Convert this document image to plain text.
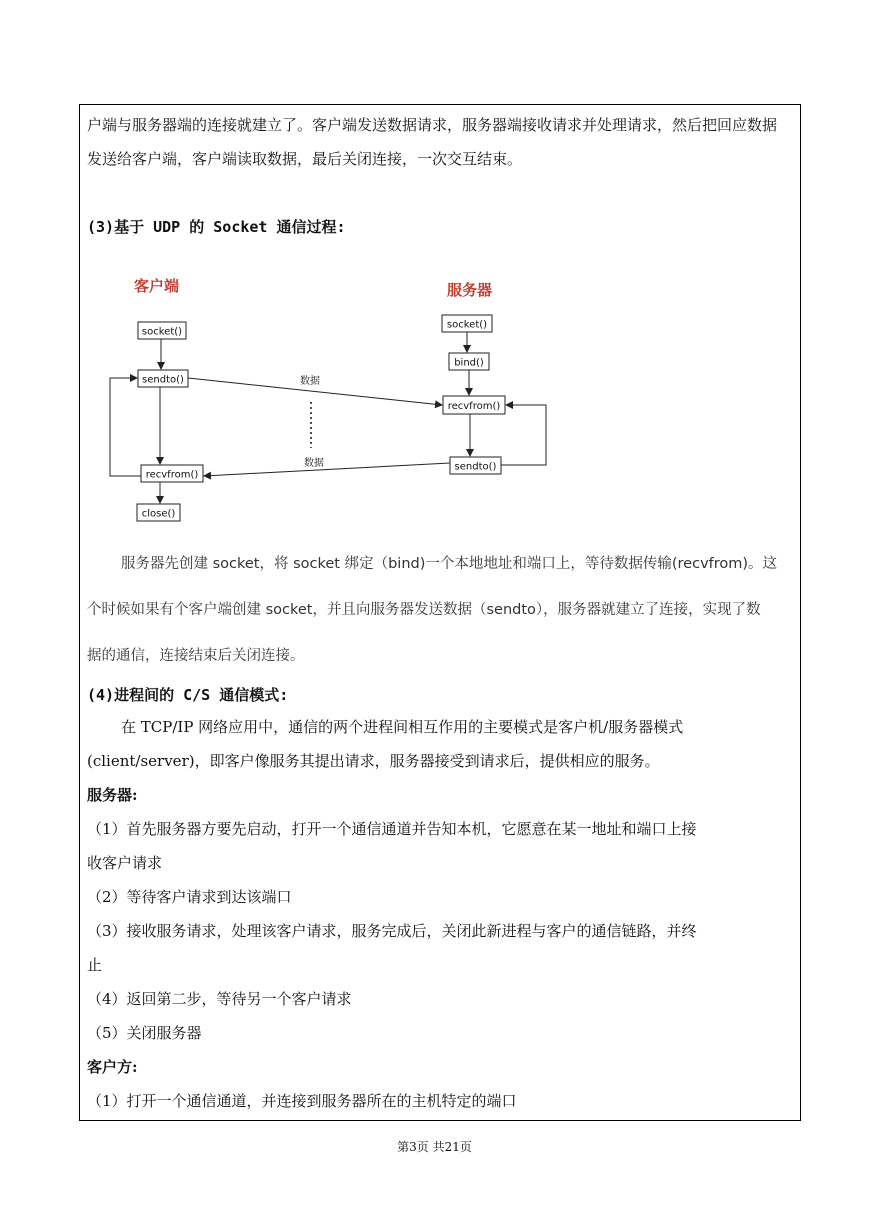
户端与服务器端的连接就建立了。客户端发送数据请求，服务器端接收请求并处理请求，然后把回应数据
发送给客户端，客户端读取数据，最后关闭连接，一次交互结束。
(3)基于 UDP 的 Socket 通信过程:
客户端	服务器
socket()
sendto()
recvfrom()
close()
socket()
bind()
recvfrom()
sendto()
数据
数据
服务器先创建 socket，将 socket 绑定（bind)一个本地地址和端口上，等待数据传输(recvfrom)。这
个时候如果有个客户端创建 socket，并且向服务器发送数据（sendto），服务器就建立了连接，实现了数
据的通信，连接结束后关闭连接。
(4)进程间的 C/S 通信模式:
在 TCP/IP 网络应用中，通信的两个进程间相互作用的主要模式是客户机/服务器模式
(client/server)，即客户像服务其提出请求，服务器接受到请求后，提供相应的服务。
服务器:
（1）首先服务器方要先启动，打开一个通信通道并告知本机，它愿意在某一地址和端口上接
收客户请求
（2）等待客户请求到达该端口
（3）接收服务请求，处理该客户请求，服务完成后，关闭此新进程与客户的通信链路，并终
止
（4）返回第二步，等待另一个客户请求
（5）关闭服务器
客户方:
（1）打开一个通信通道，并连接到服务器所在的主机特定的端口
第3页 共21页
